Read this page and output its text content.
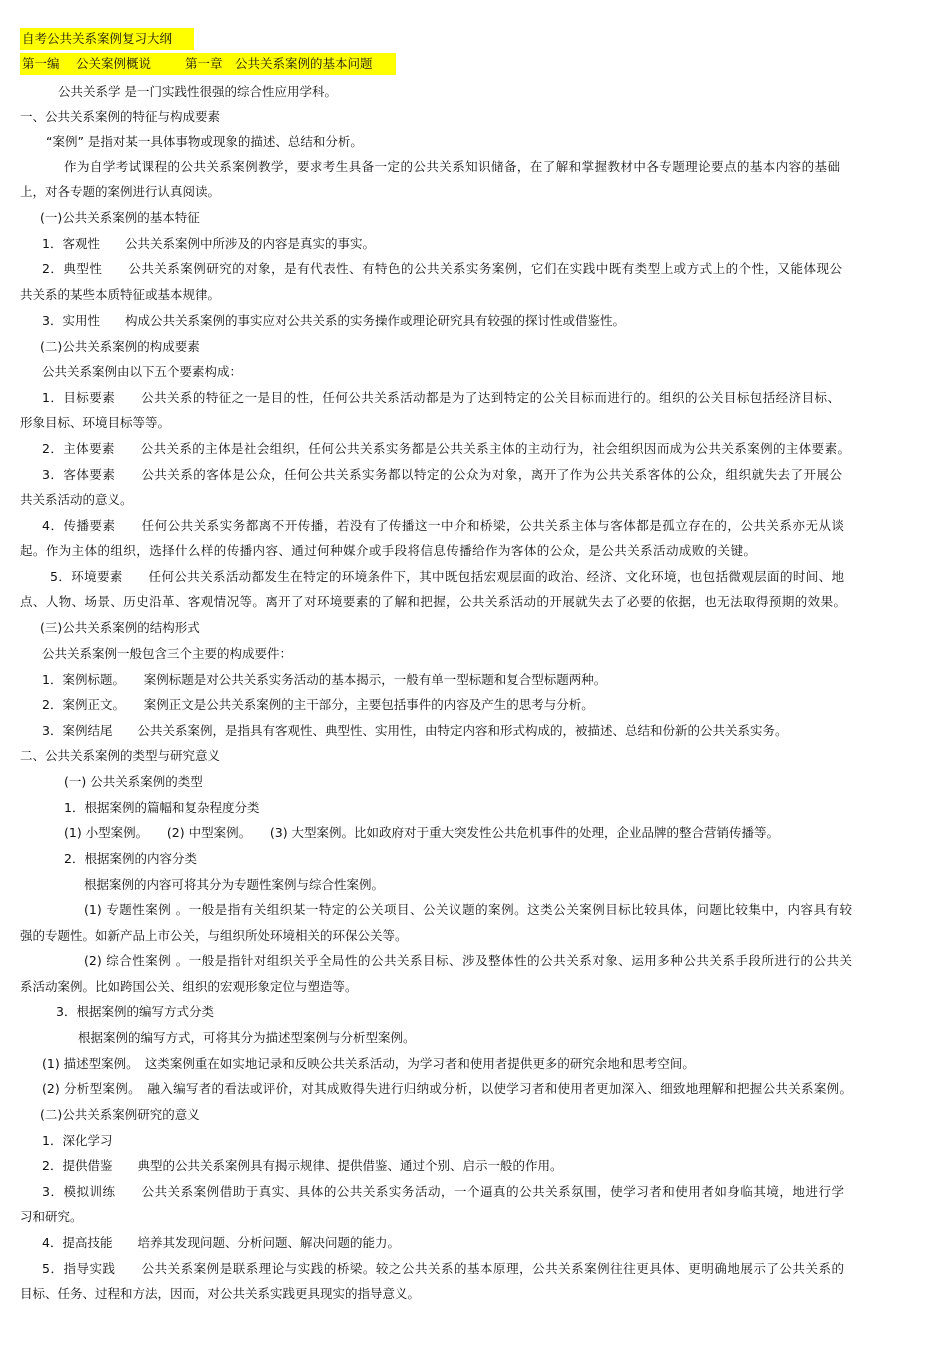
自考公共关系案例复习大纲
第一编　 公关案例概说	第一章　公共关系案例的基本问题
公共关系学 是一门实践性很强的综合性应用学科。
一、公共关系案例的特征与构成要素
“案例” 是指对某一具体事物或现象的描述、总结和分析。
作为自学考试课程的公共关系案例教学，要求考生具备一定的公共关系知识储备，在了解和掌握教材中各专题理论要点的基本内容的基础
上，对各专题的案例进行认真阅读。
(一)公共关系案例的基本特征
1．客观性　　公共关系案例中所涉及的内容是真实的事实。
2．典型性　　公共关系案例研究的对象，是有代表性、有特色的公共关系实务案例，它们在实践中既有类型上或方式上的个性，又能体现公
共关系的某些本质特征或基本规律。
3．实用性　　构成公共关系案例的事实应对公共关系的实务操作或理论研究具有较强的探讨性或借鉴性。
(二)公共关系案例的构成要素
公共关系案例由以下五个要素构成：
1．目标要素　　公共关系的特征之一是目的性，任何公共关系活动都是为了达到特定的公关目标而进行的。组织的公关目标包括经济目标、
形象目标、环境目标等等。
2．主体要素　　公共关系的主体是社会组织，任何公共关系实务都是公共关系主体的主动行为，社会组织因而成为公共关系案例的主体要素。
3．客体要素　　公共关系的客体是公众，任何公共关系实务都以特定的公众为对象，离开了作为公共关系客体的公众，组织就失去了开展公
共关系活动的意义。
4．传播要素　　任何公共关系实务都离不开传播，若没有了传播这一中介和桥梁，公共关系主体与客体都是孤立存在的，公共关系亦无从谈
起。作为主体的组织，选择什么样的传播内容、通过何种媒介或手段将信息传播给作为客体的公众，是公共关系活动成败的关键。
5．环境要素　　任何公共关系活动都发生在特定的环境条件下，其中既包括宏观层面的政治、经济、文化环境，也包括微观层面的时间、地
点、人物、场景、历史沿革、客观情况等。离开了对环境要素的了解和把握，公共关系活动的开展就失去了必要的依据，也无法取得预期的效果。
(三)公共关系案例的结构形式
公共关系案例一般包含三个主要的构成要件：
1．案例标题。　　案例标题是对公共关系实务活动的基本揭示，一般有单一型标题和复合型标题两种。
2．案例正文。　　案例正文是公共关系案例的主干部分，主要包括事件的内容及产生的思考与分析。
3．案例结尾　　公共关系案例，是指具有客观性、典型性、实用性，由特定内容和形式构成的，被描述、总结和份新的公共关系实务。
二、公共关系案例的类型与研究意义
(一) 公共关系案例的类型
1．根据案例的篇幅和复杂程度分类
(1) 小型案例。　　(2) 中型案例。　　(3) 大型案例。比如政府对于重大突发性公共危机事件的处理，企业品牌的整合营销传播等。
2．根据案例的内容分类
根据案例的内容可将其分为专题性案例与综合性案例。
(1) 专题性案例 。一般是指有关组织某一特定的公关项目、公关议题的案例。这类公关案例目标比较具体，问题比较集中，内容具有较
强的专题性。如新产品上市公关，与组织所处环境相关的环保公关等。
(2) 综合性案例 。一般是指针对组织关乎全局性的公共关系目标、涉及整体性的公共关系对象、运用多种公共关系手段所进行的公共关
系活动案例。比如跨国公关、组织的宏观形象定位与塑造等。
3．根据案例的编写方式分类
根据案例的编写方式，可将其分为描述型案例与分析型案例。
(1) 描述型案例。　这类案例重在如实地记录和反映公共关系活动，为学习者和使用者提供更多的研究余地和思考空间。
(2) 分析型案例。　融入编写者的看法或评价，对其成败得失进行归纳或分析，以使学习者和使用者更加深入、细致地理解和把握公共关系案例。
(二)公共关系案例研究的意义
1．深化学习
2．提供借鉴　　典型的公共关系案例具有揭示规律、提供借鉴、通过个别、启示一般的作用。
3．模拟训练　　公共关系案例借助于真实、具体的公共关系实务活动，一个逼真的公共关系氛围，使学习者和使用者如身临其境，地进行学
习和研究。
4．提高技能　　培养其发现问题、分析问题、解决问题的能力。
5．指导实践　　公共关系案例是联系理论与实践的桥梁。较之公共关系的基本原理，公共关系案例往往更具体、更明确地展示了公共关系的
目标、任务、过程和方法，因而，对公共关系实践更具现实的指导意义。
